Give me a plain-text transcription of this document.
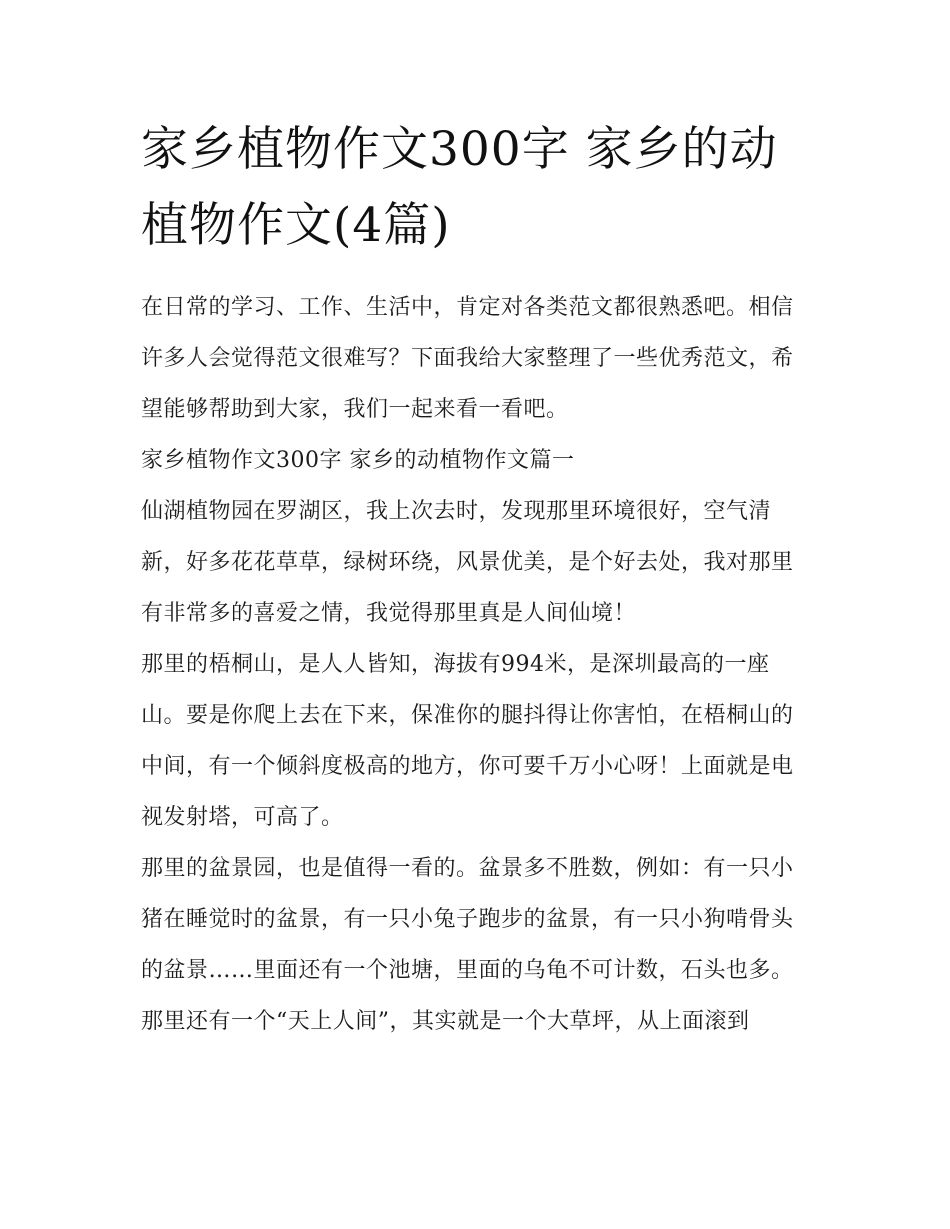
家乡植物作文300字 家乡的动植物作文(4篇)

在日常的学习、工作、生活中，肯定对各类范文都很熟悉吧。相信许多人会觉得范文很难写？下面我给大家整理了一些优秀范文，希望能够帮助到大家，我们一起来看一看吧。

家乡植物作文300字 家乡的动植物作文篇一

仙湖植物园在罗湖区，我上次去时，发现那里环境很好，空气清新，好多花花草草，绿树环绕，风景优美，是个好去处，我对那里有非常多的喜爱之情，我觉得那里真是人间仙境！

那里的梧桐山，是人人皆知，海拔有994米，是深圳最高的一座山。要是你爬上去在下来，保准你的腿抖得让你害怕，在梧桐山的中间，有一个倾斜度极高的地方，你可要千万小心呀！上面就是电视发射塔，可高了。

那里的盆景园，也是值得一看的。盆景多不胜数，例如：有一只小猪在睡觉时的盆景，有一只小兔子跑步的盆景，有一只小狗啃骨头的盆景……里面还有一个池塘，里面的乌龟不可计数，石头也多。

那里还有一个“天上人间”，其实就是一个大草坪，从上面滚到
